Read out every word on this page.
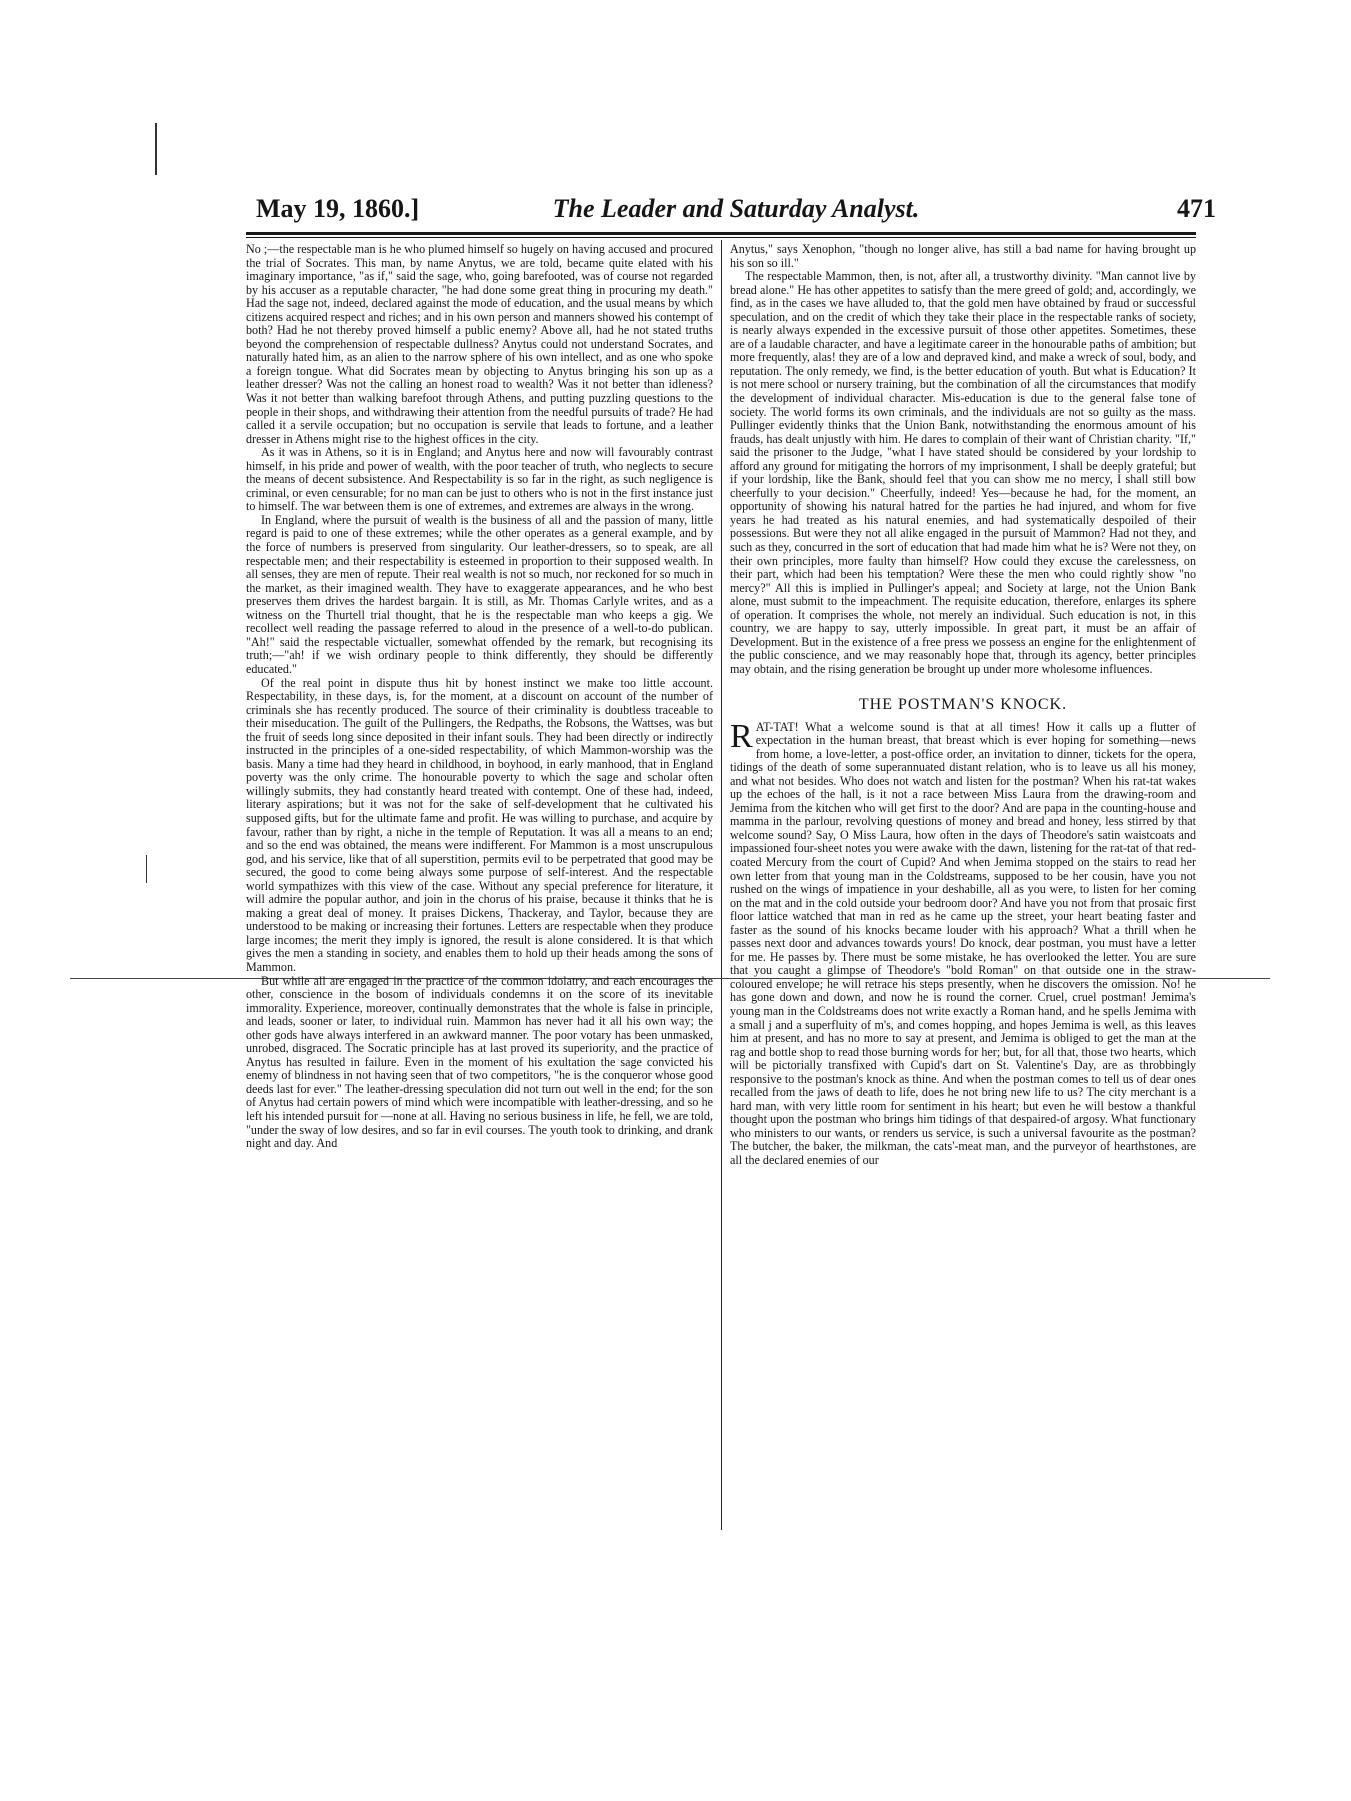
May 19, 1860.]	The Leader and Saturday Analyst.	471

No ;—the respectable man is he who plumed himself so hugely on having accused and procured the trial of Socrates. This man, by name Anytus, we are told, became quite elated with his imaginary importance, "as if," said the sage, who, going barefooted, was of course not regarded by his accuser as a reputable character, "he had done some great thing in procuring my death." Had the sage not, indeed, declared against the mode of education, and the usual means by which citizens acquired respect and riches; and in his own person and manners showed his contempt of both? Had he not thereby proved himself a public enemy? Above all, had he not stated truths beyond the comprehension of respectable dullness? Anytus could not understand Socrates, and naturally hated him, as an alien to the narrow sphere of his own intellect, and as one who spoke a foreign tongue. What did Socrates mean by objecting to Anytus bringing his son up as a leather dresser? Was not the calling an honest road to wealth? Was it not better than idleness? Was it not better than walking barefoot through Athens, and putting puzzling questions to the people in their shops, and withdrawing their attention from the needful pursuits of trade? He had called it a servile occupation; but no occupation is servile that leads to fortune, and a leather dresser in Athens might rise to the highest offices in the city.

As it was in Athens, so it is in England; and Anytus here and now will favourably contrast himself, in his pride and power of wealth, with the poor teacher of truth, who neglects to secure the means of decent subsistence. And Respectability is so far in the right, as such negligence is criminal, or even censurable; for no man can be just to others who is not in the first instance just to himself. The war between them is one of extremes, and extremes are always in the wrong.

In England, where the pursuit of wealth is the business of all and the passion of many, little regard is paid to one of these extremes; while the other operates as a general example, and by the force of numbers is preserved from singularity. Our leather-dressers, so to speak, are all respectable men; and their respectability is esteemed in proportion to their supposed wealth. In all senses, they are men of repute. Their real wealth is not so much, nor reckoned for so much in the market, as their imagined wealth. They have to exaggerate appearances, and he who best preserves them drives the hardest bargain. It is still, as Mr. Thomas Carlyle writes, and as a witness on the Thurtell trial thought, that he is the respectable man who keeps a gig. We recollect well reading the passage referred to aloud in the presence of a well-to-do publican. "Ah!" said the respectable victualler, somewhat offended by the remark, but recognising its truth;—"ah! if we wish ordinary people to think differently, they should be differently educated."

Of the real point in dispute thus hit by honest instinct we make too little account. Respectability, in these days, is, for the moment, at a discount on account of the number of criminals she has recently produced. The source of their criminality is doubtless traceable to their miseducation. The guilt of the Pullingers, the Redpaths, the Robsons, the Wattses, was but the fruit of seeds long since deposited in their infant souls. They had been directly or indirectly instructed in the principles of a one-sided respectability, of which Mammon-worship was the basis. Many a time had they heard in childhood, in boyhood, in early manhood, that in England poverty was the only crime. The honourable poverty to which the sage and scholar often willingly submits, they had constantly heard treated with contempt. One of these had, indeed, literary aspirations; but it was not for the sake of self-development that he cultivated his supposed gifts, but for the ultimate fame and profit. He was willing to purchase, and acquire by favour, rather than by right, a niche in the temple of Reputation. It was all a means to an end; and so the end was obtained, the means were indifferent. For Mammon is a most unscrupulous god, and his service, like that of all superstition, permits evil to be perpetrated that good may be secured, the good to come being always some purpose of self-interest. And the respectable world sympathizes with this view of the case. Without any special preference for literature, it will admire the popular author, and join in the chorus of his praise, because it thinks that he is making a great deal of money. It praises Dickens, Thackeray, and Taylor, because they are understood to be making or increasing their fortunes. Letters are respectable when they produce large incomes; the merit they imply is ignored, the result is alone considered. It is that which gives the men a standing in society, and enables them to hold up their heads among the sons of Mammon.

But while all are engaged in the practice of the common idolatry, and each encourages the other, conscience in the bosom of individuals condemns it on the score of its inevitable immorality. Experience, moreover, continually demonstrates that the whole is false in principle, and leads, sooner or later, to individual ruin. Mammon has never had it all his own way; the other gods have always interfered in an awkward manner. The poor votary has been unmasked, unrobed, disgraced. The Socratic principle has at last proved its superiority, and the practice of Anytus has resulted in failure. Even in the moment of his exultation the sage convicted his enemy of blindness in not having seen that of two competitors, "he is the conqueror whose good deeds last for ever." The leather-dressing speculation did not turn out well in the end; for the son of Anytus had certain powers of mind which were incompatible with leather-dressing, and so he left his intended pursuit for —none at all. Having no serious business in life, he fell, we are told, "under the sway of low desires, and so far in evil courses. The youth took to drinking, and drank night and day. And

Anytus," says Xenophon, "though no longer alive, has still a bad name for having brought up his son so ill."

The respectable Mammon, then, is not, after all, a trustworthy divinity. "Man cannot live by bread alone." He has other appetites to satisfy than the mere greed of gold; and, accordingly, we find, as in the cases we have alluded to, that the gold men have obtained by fraud or successful speculation, and on the credit of which they take their place in the respectable ranks of society, is nearly always expended in the excessive pursuit of those other appetites. Sometimes, these are of a laudable character, and have a legitimate career in the honourable paths of ambition; but more frequently, alas! they are of a low and depraved kind, and make a wreck of soul, body, and reputation. The only remedy, we find, is the better education of youth. But what is Education? It is not mere school or nursery training, but the combination of all the circumstances that modify the development of individual character. Mis-education is due to the general false tone of society. The world forms its own criminals, and the individuals are not so guilty as the mass. Pullinger evidently thinks that the Union Bank, notwithstanding the enormous amount of his frauds, has dealt unjustly with him. He dares to complain of their want of Christian charity. "If," said the prisoner to the Judge, "what I have stated should be considered by your lordship to afford any ground for mitigating the horrors of my imprisonment, I shall be deeply grateful; but if your lordship, like the Bank, should feel that you can show me no mercy, I shall still bow cheerfully to your decision." Cheerfully, indeed! Yes—because he had, for the moment, an opportunity of showing his natural hatred for the parties he had injured, and whom for five years he had treated as his natural enemies, and had systematically despoiled of their possessions. But were they not all alike engaged in the pursuit of Mammon? Had not they, and such as they, concurred in the sort of education that had made him what he is? Were not they, on their own principles, more faulty than himself? How could they excuse the carelessness, on their part, which had been his temptation? Were these the men who could rightly show "no mercy?" All this is implied in Pullinger's appeal; and Society at large, not the Union Bank alone, must submit to the impeachment. The requisite education, therefore, enlarges its sphere of operation. It comprises the whole, not merely an individual. Such education is not, in this country, we are happy to say, utterly impossible. In great part, it must be an affair of Development. But in the existence of a free press we possess an engine for the enlightenment of the public conscience, and we may reasonably hope that, through its agency, better principles may obtain, and the rising generation be brought up under more wholesome influences.

THE POSTMAN'S KNOCK.

RAT-TAT! What a welcome sound is that at all times! How it calls up a flutter of expectation in the human breast, that breast which is ever hoping for something—news from home, a love-letter, a post-office order, an invitation to dinner, tickets for the opera, tidings of the death of some superannuated distant relation, who is to leave us all his money, and what not besides. Who does not watch and listen for the postman? When his rat-tat wakes up the echoes of the hall, is it not a race between Miss Laura from the drawing-room and Jemima from the kitchen who will get first to the door? And are papa in the counting-house and mamma in the parlour, revolving questions of money and bread and honey, less stirred by that welcome sound? Say, O Miss Laura, how often in the days of Theodore's satin waistcoats and impassioned four-sheet notes you were awake with the dawn, listening for the rat-tat of that red-coated Mercury from the court of Cupid? And when Jemima stopped on the stairs to read her own letter from that young man in the Coldstreams, supposed to be her cousin, have you not rushed on the wings of impatience in your deshabille, all as you were, to listen for her coming on the mat and in the cold outside your bedroom door? And have you not from that prosaic first floor lattice watched that man in red as he came up the street, your heart beating faster and faster as the sound of his knocks became louder with his approach? What a thrill when he passes next door and advances towards yours! Do knock, dear postman, you must have a letter for me. He passes by. There must be some mistake, he has overlooked the letter. You are sure that you caught a glimpse of Theodore's "bold Roman" on that outside one in the straw-coloured envelope; he will retrace his steps presently, when he discovers the omission. No! he has gone down and down, and now he is round the corner. Cruel, cruel postman! Jemima's young man in the Coldstreams does not write exactly a Roman hand, and he spells Jemima with a small j and a superfluity of m's, and comes hopping, and hopes Jemima is well, as this leaves him at present, and has no more to say at present, and Jemima is obliged to get the man at the rag and bottle shop to read those burning words for her; but, for all that, those two hearts, which will be pictorially transfixed with Cupid's dart on St. Valentine's Day, are as throbbingly responsive to the postman's knock as thine. And when the postman comes to tell us of dear ones recalled from the jaws of death to life, does he not bring new life to us? The city merchant is a hard man, with very little room for sentiment in his heart; but even he will bestow a thankful thought upon the postman who brings him tidings of that despaired-of argosy. What functionary who ministers to our wants, or renders us service, is such a universal favourite as the postman? The butcher, the baker, the milkman, the cats'-meat man, and the purveyor of hearthstones, are all the declared enemies of our
